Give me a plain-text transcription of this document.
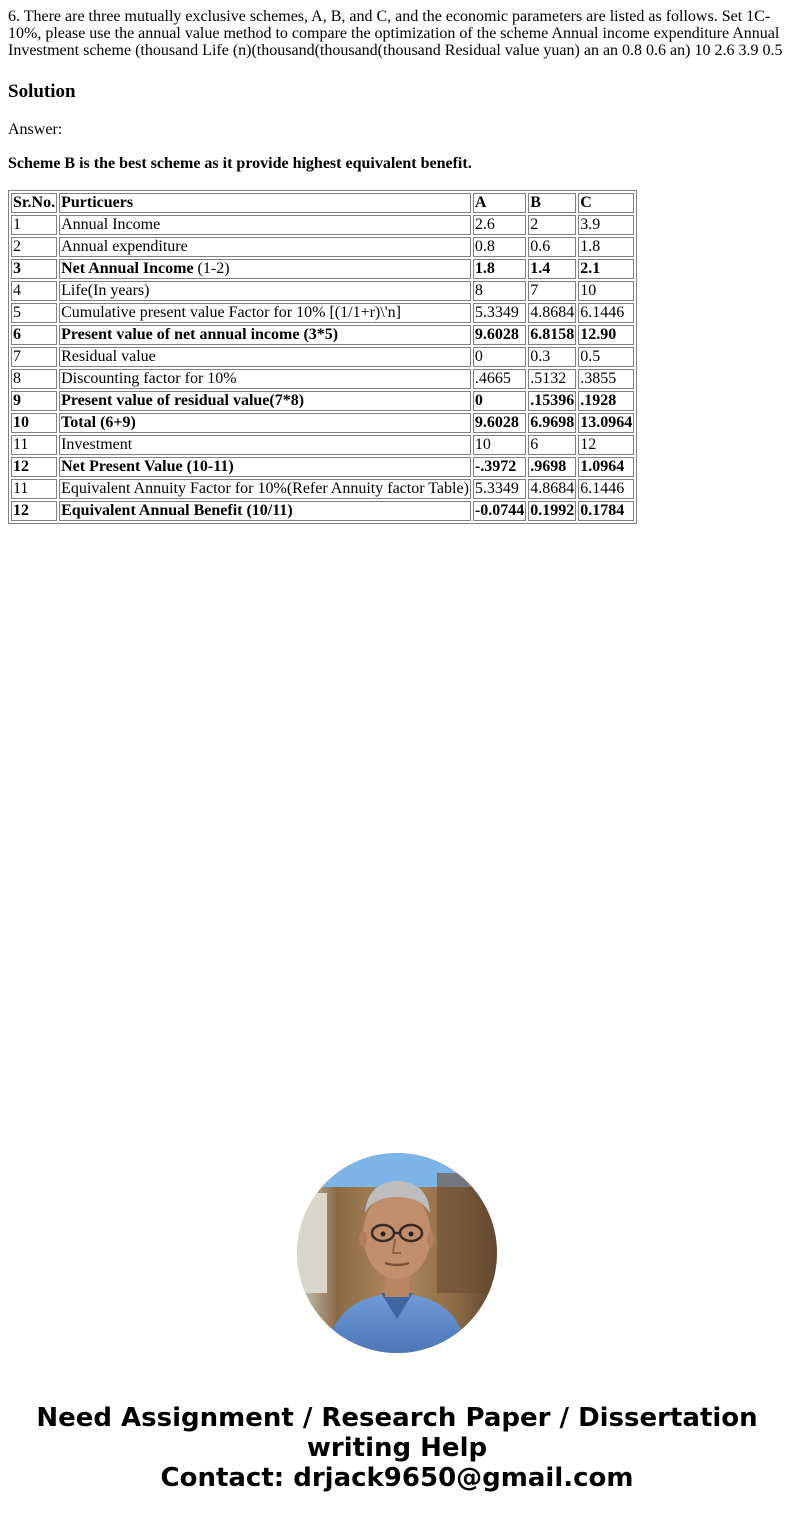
6. There are three mutually exclusive schemes, A, B, and C, and the economic parameters are listed as follows. Set 1C-10%, please use the annual value method to compare the optimization of the scheme Annual income expenditure Annual Investment scheme (thousand Life (n)(thousand(thousand(thousand Residual value yuan) an an 0.8 0.6 an) 10 2.6 3.9 0.5
Solution
Answer:
Scheme B is the best scheme as it provide highest equivalent benefit.
Sr.No.	Purticuers	A	B	C
1	Annual Income	2.6	2	3.9
2	Annual expenditure	0.8	0.6	1.8
3	Net Annual Income (1-2)	1.8	1.4	2.1
4	Life(In years)	8	7	10
5	Cumulative present value Factor for 10% [(1/1+r)\'n]	5.3349	4.8684	6.1446
6	Present value of net annual income (3*5)	9.6028	6.8158	12.90
7	Residual value	0	0.3	0.5
8	Discounting factor for 10%	.4665	.5132	.3855
9	Present value of residual value(7*8)	0	.15396	.1928
10	Total (6+9)	9.6028	6.9698	13.0964
11	Investment	10	6	12
12	Net Present Value (10-11)	-.3972	.9698	1.0964
11	Equivalent Annuity Factor for 10%(Refer Annuity factor Table)	5.3349	4.8684	6.1446
12	Equivalent Annual Benefit (10/11)	-0.0744	0.1992	0.1784
Need Assignment / Research Paper / Dissertation
writing Help
Contact: drjack9650@gmail.com
